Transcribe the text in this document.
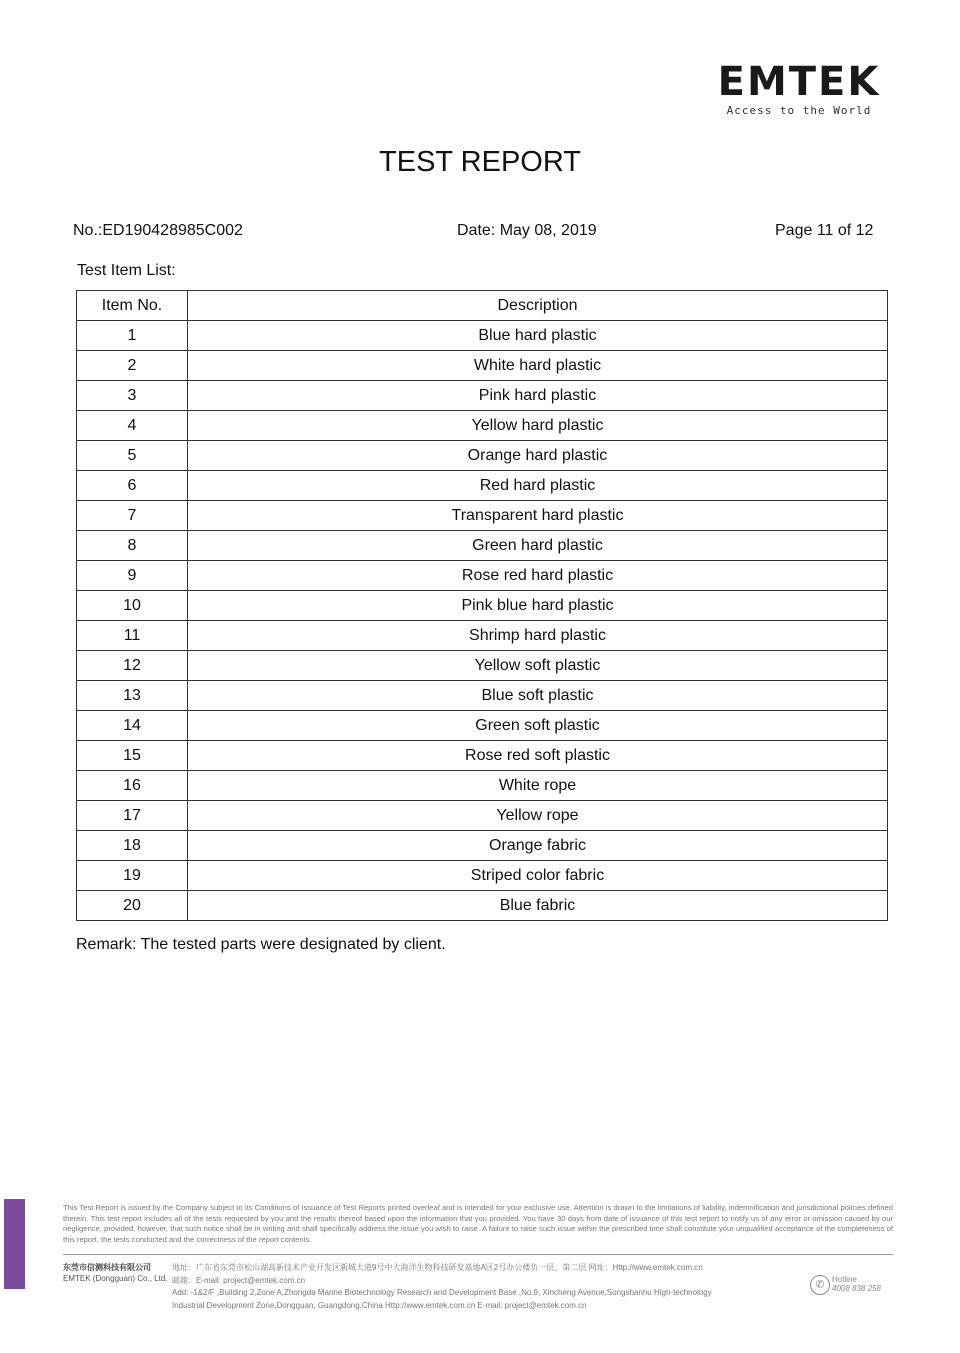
EMTEK
Access to the World
TEST REPORT
No.:ED190428985C002	Date: May 08, 2019	Page 11 of 12
Test Item List:
Item No.	Description
1	Blue hard plastic
2	White hard plastic
3	Pink hard plastic
4	Yellow hard plastic
5	Orange hard plastic
6	Red hard plastic
7	Transparent hard plastic
8	Green hard plastic
9	Rose red hard plastic
10	Pink blue hard plastic
11	Shrimp hard plastic
12	Yellow soft plastic
13	Blue soft plastic
14	Green soft plastic
15	Rose red soft plastic
16	White rope
17	Yellow rope
18	Orange fabric
19	Striped color fabric
20	Blue fabric
Remark: The tested parts were designated by client.
This Test Report is issued by the Company subject to its Conditions of Issuance of Test Reports printed overleaf and is intended for your exclusive use. Attention is drawn to the limitations of liability, indemnification and jurisdictional policies defined therein. This test report includes all of the tests requested by you and the results thereof based upon the information that you provided. You have 30 days from date of issuance of this test report to notify us of any error or omission caused by our negligence, provided, however, that such notice shall be in writing and shall specifically address the issue you wish to raise. A failure to raise such issue within the prescribed time shall constitute your unqualified acceptance of the completeness of this report, the tests conducted and the correctness of the report contents.
东莞市信测科技有限公司
EMTEK (Dongguan) Co., Ltd.
地址：广东省东莞市松山湖高新技术产业开发区新城大道9号中大海洋生物科技研发基地A区2号办公楼负一层、第二层 网址：Http://www.emtek.com.cn
邮箱：E-mail: project@emtek.com.cn
Add: -1&2/F ,Building 2,Zone A,Zhongda Marine Biotechnology Research and Development Base ,No.9, Xincheng Avenue,Songshanhu High-technology
Industrial Development Zone,Dongguan, Guangdong,China Http://www.emtek.com.cn E-mail: project@emtek.com.cn
✆ Hotline
4008 838 258
